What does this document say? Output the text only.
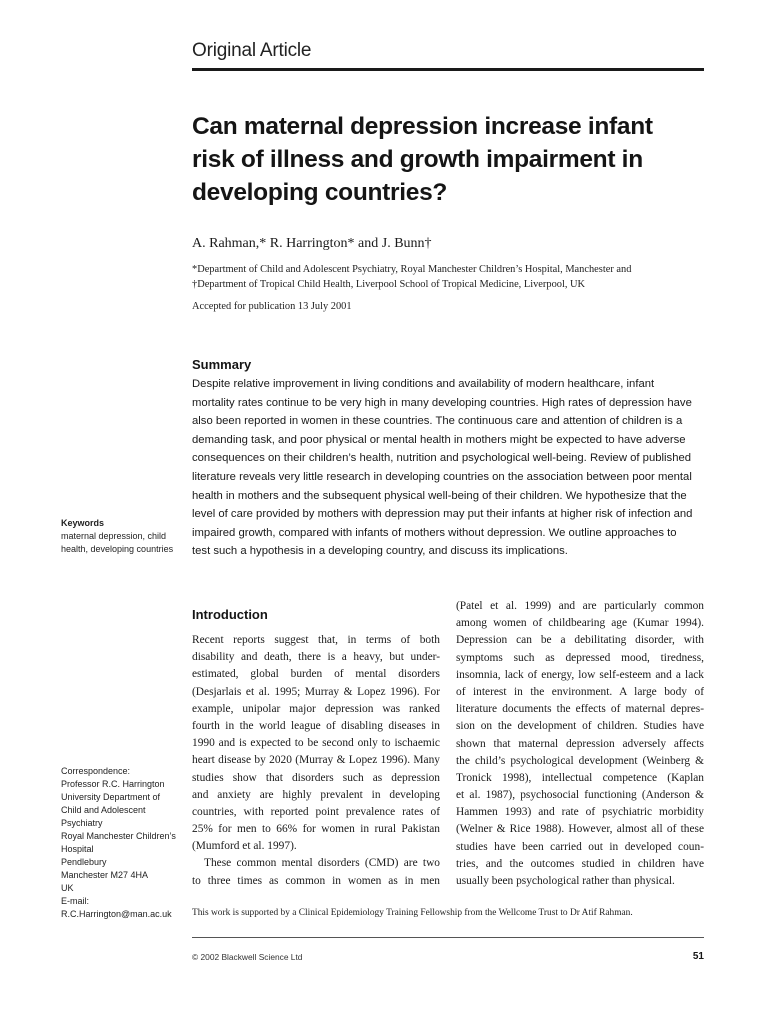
Original Article
Can maternal depression increase infant
risk of illness and growth impairment in
developing countries?
A. Rahman,* R. Harrington* and J. Bunn†
*Department of Child and Adolescent Psychiatry, Royal Manchester Children’s Hospital, Manchester and
†Department of Tropical Child Health, Liverpool School of Tropical Medicine, Liverpool, UK
Accepted for publication 13 July 2001
Summary
Despite relative improvement in living conditions and availability of modern healthcare, infant
mortality rates continue to be very high in many developing countries. High rates of depression have
also been reported in women in these countries. The continuous care and attention of children is a
demanding task, and poor physical or mental health in mothers might be expected to have adverse
consequences on their children’s health, nutrition and psychological well-being. Review of published
literature reveals very little research in developing countries on the association between poor mental
health in mothers and the subsequent physical well-being of their children. We hypothesize that the
level of care provided by mothers with depression may put their infants at higher risk of infection and
impaired growth, compared with infants of mothers without depression. We outline approaches to
test such a hypothesis in a developing country, and discuss its implications.
Keywords
maternal depression, child
health, developing countries
Introduction
Recent reports suggest that, in terms of both
disability and death, there is a heavy, but under-
estimated, global burden of mental disorders
(Desjarlais et al. 1995; Murray & Lopez 1996). For
example, unipolar major depression was ranked
fourth in the world league of disabling diseases in
1990 and is expected to be second only to ischaemic
heart disease by 2020 (Murray & Lopez 1996). Many
studies show that disorders such as depression
and anxiety are highly prevalent in developing
countries, with reported point prevalence rates of
25% for men to 66% for women in rural Pakistan
(Mumford et al. 1997).
These common mental disorders (CMD) are two
to three times as common in women as in men
(Patel et al. 1999) and are particularly common
among women of childbearing age (Kumar 1994).
Depression can be a debilitating disorder, with
symptoms such as depressed mood, tiredness,
insomnia, lack of energy, low self-esteem and a lack
of interest in the environment. A large body of
literature documents the effects of maternal depres-
sion on the development of children. Studies have
shown that maternal depression adversely affects
the child’s psychological development (Weinberg &
Tronick 1998), intellectual competence (Kaplan
et al. 1987), psychosocial functioning (Anderson &
Hammen 1993) and rate of psychiatric morbidity
(Welner & Rice 1988). However, almost all of these
studies have been carried out in developed coun-
tries, and the outcomes studied in children have
usually been psychological rather than physical.
Correspondence:
Professor R.C. Harrington
University Department of
Child and Adolescent
Psychiatry
Royal Manchester Children’s
Hospital
Pendlebury
Manchester M27 4HA
UK
E-mail:
R.C.Harrington@man.ac.uk	This work is supported by a Clinical Epidemiology Training Fellowship from the Wellcome Trust to Dr Atif Rahman.
© 2002 Blackwell Science Ltd	51
